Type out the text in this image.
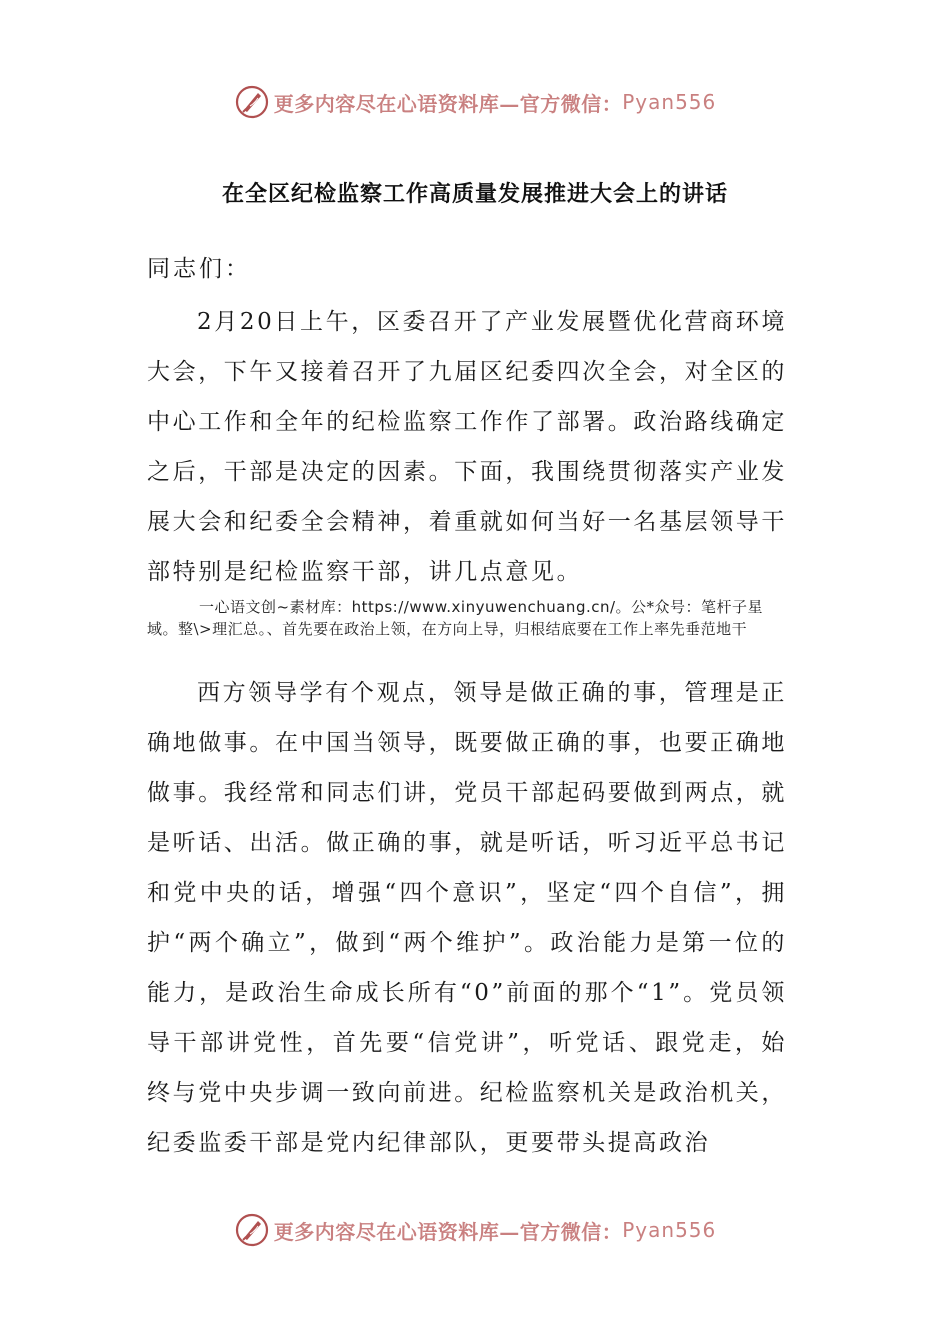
更多内容尽在心语资料库—官方微信： Pyan556
在全区纪检监察工作高质量发展推进大会上的讲话
同志们：

2月20日上午，区委召开了产业发展暨优化营商环境大会，下午又接着召开了九届区纪委四次全会，对全区的中心工作和全年的纪检监察工作作了部署。政治路线确定之后，干部是决定的因素。下面，我围绕贯彻落实产业发展大会和纪委全会精神，着重就如何当好一名基层领导干部特别是纪检监察干部，讲几点意见。

一心语文创~素材库：https://www.xinyuwenchuang.cn/。公*众号：笔杆子星域。整\>理汇总。、首先要在政治上领，在方向上导，归根结底要在工作上率先垂范地干

西方领导学有个观点，领导是做正确的事，管理是正确地做事。在中国当领导，既要做正确的事，也要正确地做事。我经常和同志们讲，党员干部起码要做到两点，就是听话、出活。做正确的事，就是听话，听习近平总书记和党中央的话，增强“四个意识”，坚定“四个自信”，拥护“两个确立”，做到“两个维护”。政治能力是第一位的能力，是政治生命成长所有“0”前面的那个“1”。党员领导干部讲党性，首先要“信党讲”，听党话、跟党走，始终与党中央步调一致向前进。纪检监察机关是政治机关，纪委监委干部是党内纪律部队，更要带头提高政治

更多内容尽在心语资料库—官方微信： Pyan556
